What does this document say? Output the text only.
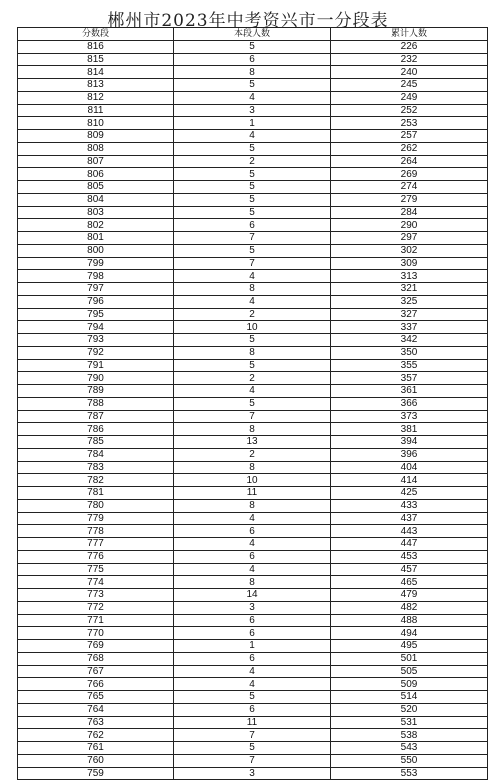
郴州市2023年中考资兴市一分段表
分数段	本段人数	累计人数
816	5	226
815	6	232
814	8	240
813	5	245
812	4	249
811	3	252
810	1	253
809	4	257
808	5	262
807	2	264
806	5	269
805	5	274
804	5	279
803	5	284
802	6	290
801	7	297
800	5	302
799	7	309
798	4	313
797	8	321
796	4	325
795	2	327
794	10	337
793	5	342
792	8	350
791	5	355
790	2	357
789	4	361
788	5	366
787	7	373
786	8	381
785	13	394
784	2	396
783	8	404
782	10	414
781	11	425
780	8	433
779	4	437
778	6	443
777	4	447
776	6	453
775	4	457
774	8	465
773	14	479
772	3	482
771	6	488
770	6	494
769	1	495
768	6	501
767	4	505
766	4	509
765	5	514
764	6	520
763	11	531
762	7	538
761	5	543
760	7	550
759	3	553
